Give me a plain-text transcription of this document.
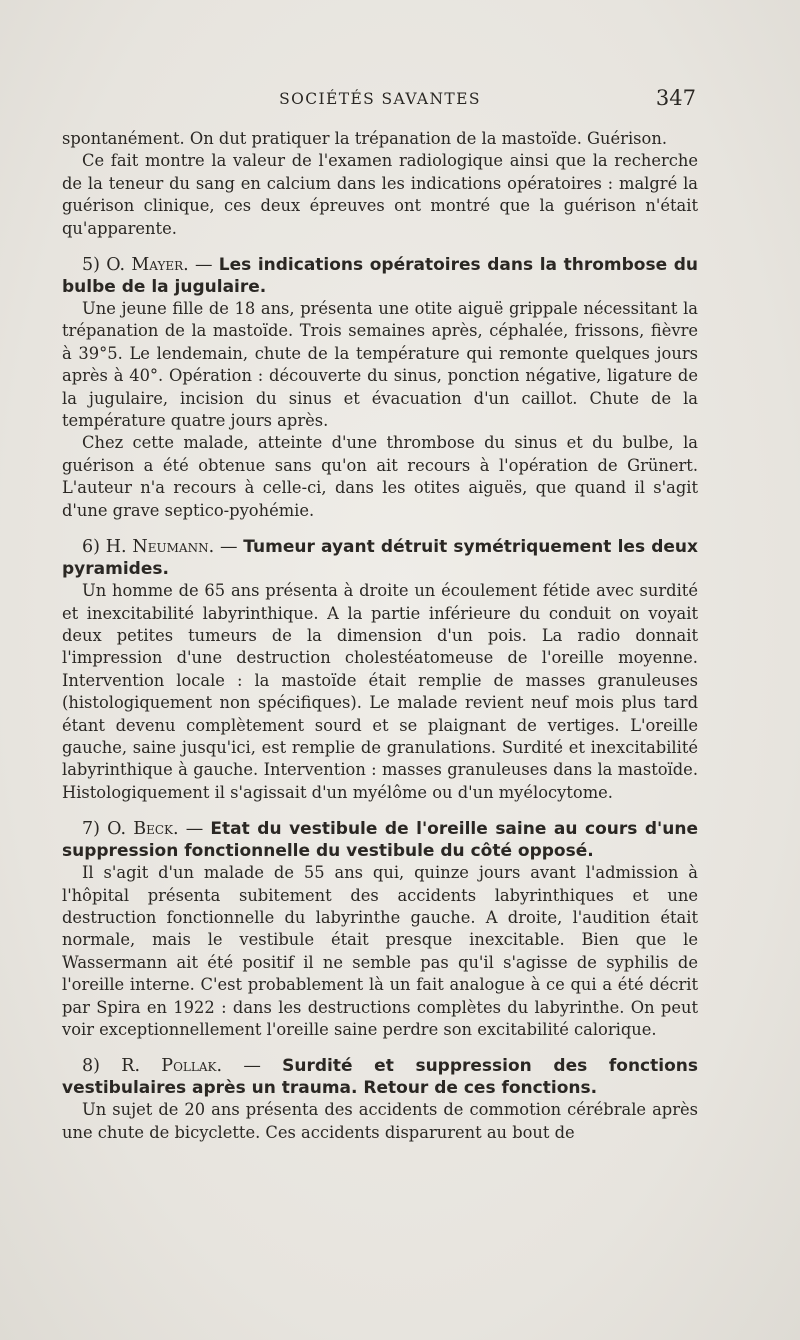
SOCIÉTÉS SAVANTES	347

spontanément. On dut pratiquer la trépanation de la mastoïde. Guérison.

Ce fait montre la valeur de l'examen radiologique ainsi que la recherche de la teneur du sang en calcium dans les indications opératoires : malgré la guérison clinique, ces deux épreuves ont montré que la guérison n'était qu'apparente.

5) O. Mayer. — Les indications opératoires dans la thrombose du bulbe de la jugulaire.

Une jeune fille de 18 ans, présenta une otite aiguë grippale nécessitant la trépanation de la mastoïde. Trois semaines après, céphalée, frissons, fièvre à 39°5. Le lendemain, chute de la température qui remonte quelques jours après à 40°. Opération : découverte du sinus, ponction négative, ligature de la jugulaire, incision du sinus et évacuation d'un caillot. Chute de la température quatre jours après.

Chez cette malade, atteinte d'une thrombose du sinus et du bulbe, la guérison a été obtenue sans qu'on ait recours à l'opération de Grünert. L'auteur n'a recours à celle-ci, dans les otites aiguës, que quand il s'agit d'une grave septico-pyohémie.

6) H. Neumann. — Tumeur ayant détruit symétriquement les deux pyramides.

Un homme de 65 ans présenta à droite un écoulement fétide avec surdité et inexcitabilité labyrinthique. A la partie inférieure du conduit on voyait deux petites tumeurs de la dimension d'un pois. La radio donnait l'impression d'une destruction cholestéatomeuse de l'oreille moyenne. Intervention locale : la mastoïde était remplie de masses granuleuses (histologiquement non spécifiques). Le malade revient neuf mois plus tard étant devenu complètement sourd et se plaignant de vertiges. L'oreille gauche, saine jusqu'ici, est remplie de granulations. Surdité et inexcitabilité labyrinthique à gauche. Intervention : masses granuleuses dans la mastoïde. Histologiquement il s'agissait d'un myélôme ou d'un myélocytome.

7) O. Beck. — Etat du vestibule de l'oreille saine au cours d'une suppression fonctionnelle du vestibule du côté opposé.

Il s'agit d'un malade de 55 ans qui, quinze jours avant l'admission à l'hôpital présenta subitement des accidents labyrinthiques et une destruction fonctionnelle du labyrinthe gauche. A droite, l'audition était normale, mais le vestibule était presque inexcitable. Bien que le Wassermann ait été positif il ne semble pas qu'il s'agisse de syphilis de l'oreille interne. C'est probablement là un fait analogue à ce qui a été décrit par Spira en 1922 : dans les destructions complètes du labyrinthe. On peut voir exceptionnellement l'oreille saine perdre son excitabilité calorique.

8) R. Pollak. — Surdité et suppression des fonctions vestibulaires après un trauma. Retour de ces fonctions.

Un sujet de 20 ans présenta des accidents de commotion cérébrale après une chute de bicyclette. Ces accidents disparurent au bout de
